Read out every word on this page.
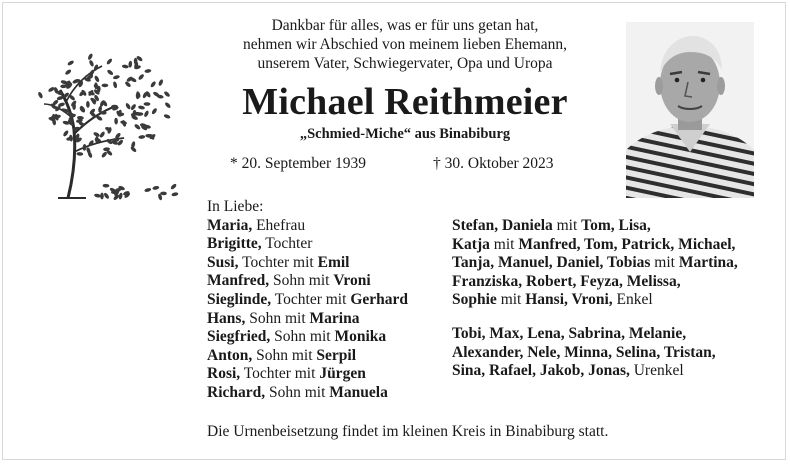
Dankbar für alles, was er für uns getan hat,
nehmen wir Abschied von meinem lieben Ehemann,
unserem Vater, Schwiegervater, Opa und Uropa
Michael Reithmeier
„Schmied-Miche“ aus Binabiburg
* 20. September 1939	† 30. Oktober 2023
In Liebe:
Maria, Ehefrau
Brigitte, Tochter
Susi, Tochter mit Emil
Manfred, Sohn mit Vroni
Sieglinde, Tochter mit Gerhard
Hans, Sohn mit Marina
Siegfried, Sohn mit Monika
Anton, Sohn mit Serpil
Rosi, Tochter mit Jürgen
Richard, Sohn mit Manuela
Stefan, Daniela mit Tom, Lisa,
Katja mit Manfred, Tom, Patrick, Michael,
Tanja, Manuel, Daniel, Tobias mit Martina,
Franziska, Robert, Feyza, Melissa,
Sophie mit Hansi, Vroni, Enkel
Tobi, Max, Lena, Sabrina, Melanie,
Alexander, Nele, Minna, Selina, Tristan,
Sina, Rafael, Jakob, Jonas, Urenkel
Die Urnenbeisetzung findet im kleinen Kreis in Binabiburg statt.
